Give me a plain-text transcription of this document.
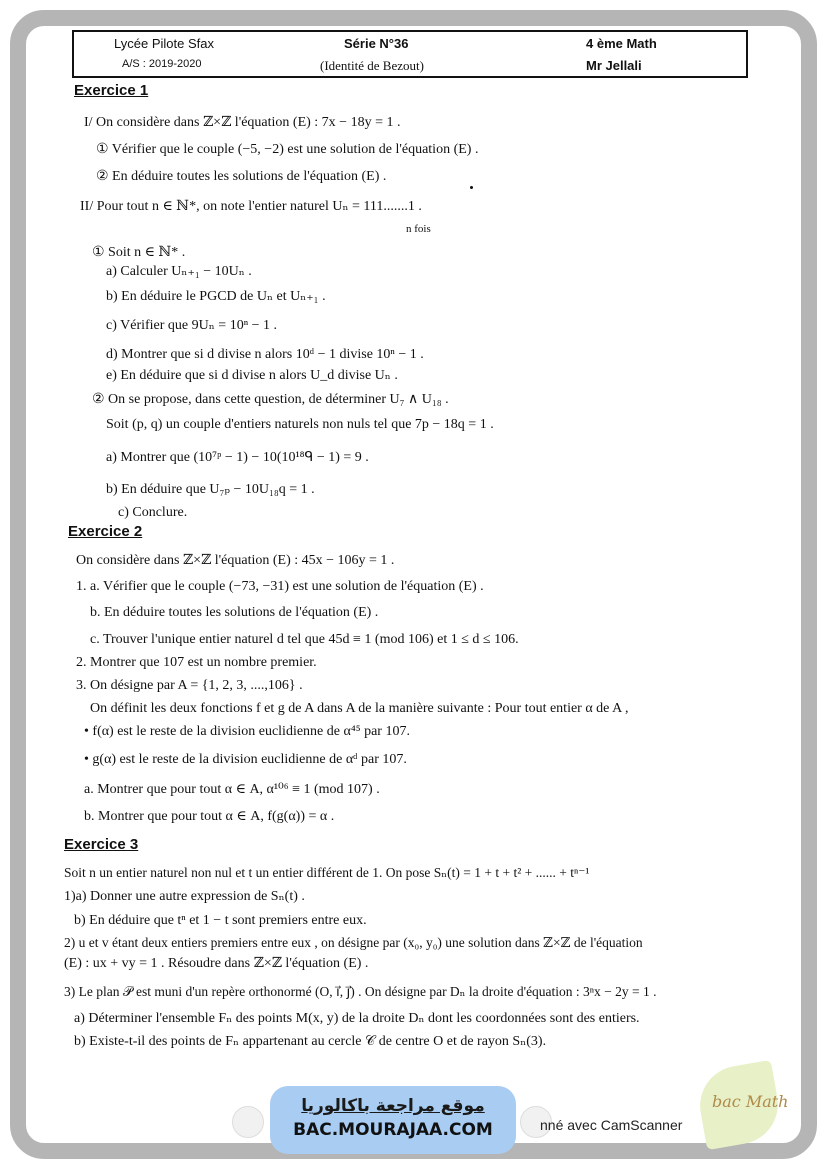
Lycée Pilote Sfax
A/S : 2019-2020
Série N°36
(Identité de Bezout)
4 ème Math
Mr Jellali
Exercice 1
I/ On considère dans ℤ×ℤ l'équation (E) : 7x − 18y = 1 .
① Vérifier que le couple (−5, −2) est une solution de l'équation (E) .
② En déduire toutes les solutions de l'équation (E) .
II/ Pour tout n ∈ ℕ*, on note l'entier naturel Uₙ = 111.......1 .
n fois
① Soit n ∈ ℕ* .
a) Calculer Uₙ₊₁ − 10Uₙ .
b) En déduire le PGCD de Uₙ et Uₙ₊₁ .
c) Vérifier que 9Uₙ = 10ⁿ − 1 .
d) Montrer que si d divise n alors 10ᵈ − 1 divise 10ⁿ − 1 .
e) En déduire que si d divise n alors U_d divise Uₙ .
② On se propose, dans cette question, de déterminer U₇ ∧ U₁₈ .
Soit (p, q) un couple d'entiers naturels non nuls tel que 7p − 18q = 1 .
a) Montrer que (10⁷ᵖ − 1) − 10(10¹⁸ᑫ − 1) = 9 .
b) En déduire que U₇ₚ − 10U₁₈q = 1 .
c) Conclure.
Exercice 2
On considère dans ℤ×ℤ l'équation (E) : 45x − 106y = 1 .
1. a. Vérifier que le couple (−73, −31) est une solution de l'équation (E) .
b. En déduire toutes les solutions de l'équation (E) .
c. Trouver l'unique entier naturel d tel que 45d ≡ 1 (mod 106) et 1 ≤ d ≤ 106.
2. Montrer que 107 est un nombre premier.
3. On désigne par A = {1, 2, 3, ....,106} .
On définit les deux fonctions f et g de A dans A de la manière suivante : Pour tout entier α de A ,
• f(α) est le reste de la division euclidienne de α⁴⁵ par 107.
• g(α) est le reste de la division euclidienne de αᵈ par 107.
a. Montrer que pour tout α ∈ A, α¹⁰⁶ ≡ 1 (mod 107) .
b. Montrer que pour tout α ∈ A, f(g(α)) = α .
Exercice 3
Soit n un entier naturel non nul et t un entier différent de 1. On pose Sₙ(t) = 1 + t + t² + ...... + tⁿ⁻¹
1)a) Donner une autre expression de Sₙ(t) .
b) En déduire que tⁿ et 1 − t sont premiers entre eux.
2) u et v étant deux entiers premiers entre eux , on désigne par (x₀, y₀) une solution dans ℤ×ℤ de l'équation
(E) : ux + vy = 1 . Résoudre dans ℤ×ℤ l'équation (E) .
3) Le plan 𝒫 est muni d'un repère orthonormé (O, i⃗, j⃗) . On désigne par Dₙ la droite d'équation : 3ⁿx − 2y = 1 .
a) Déterminer l'ensemble Fₙ des points M(x, y) de la droite Dₙ dont les coordonnées sont des entiers.
b) Existe-t-il des points de Fₙ appartenant au cercle 𝒞 de centre O et de rayon Sₙ(3).
موقع مراجعة باكالوريا
BAC.MOURAJAA.COM	nné avec CamScanner
bac Math
